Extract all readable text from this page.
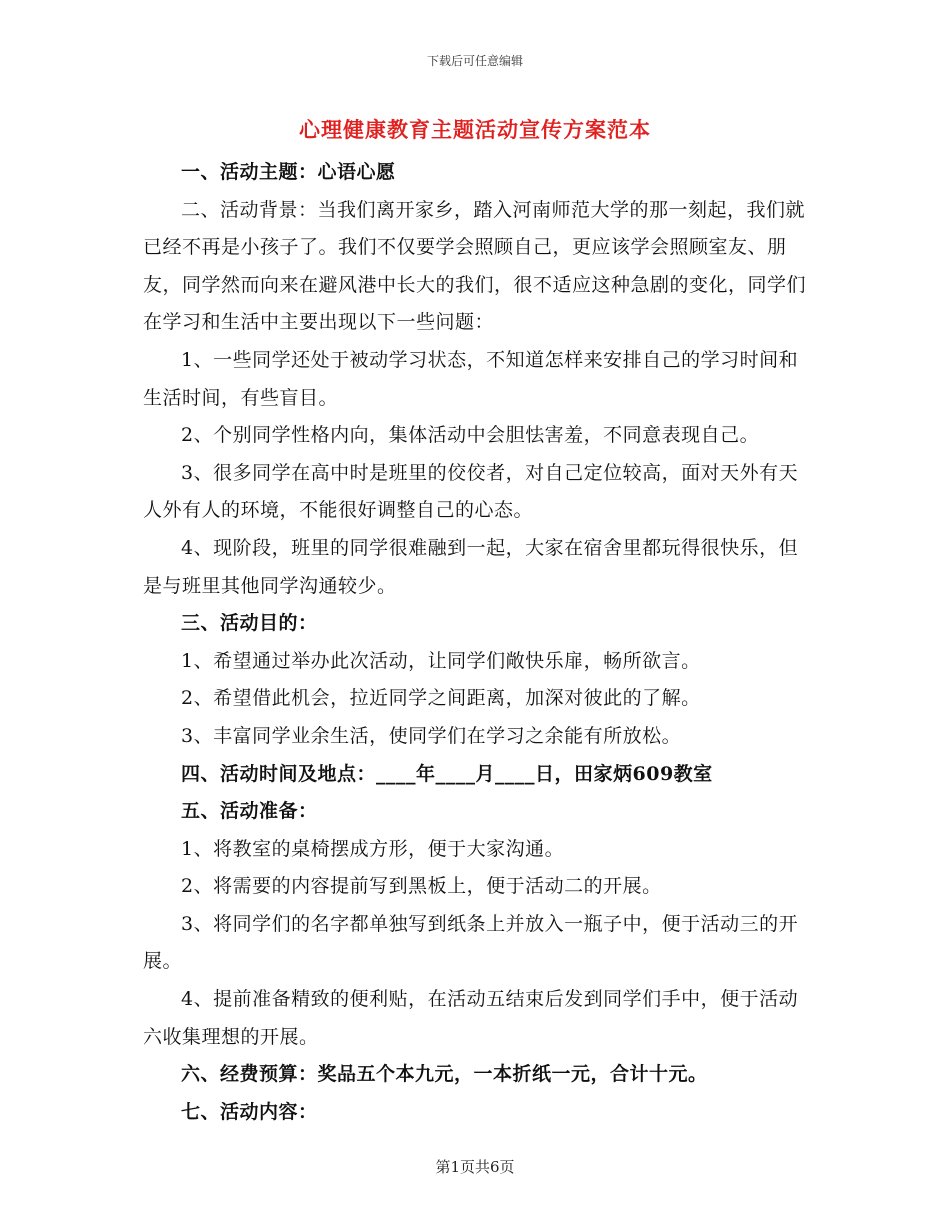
下载后可任意编辑
心理健康教育主题活动宣传方案范本

一、活动主题：心语心愿

二、活动背景：当我们离开家乡，踏入河南师范大学的那一刻起，我们就已经不再是小孩子了。我们不仅要学会照顾自己，更应该学会照顾室友、朋友，同学然而向来在避风港中长大的我们，很不适应这种急剧的变化，同学们在学习和生活中主要出现以下一些问题：

1、一些同学还处于被动学习状态，不知道怎样来安排自己的学习时间和生活时间，有些盲目。

2、个别同学性格内向，集体活动中会胆怯害羞，不同意表现自己。

3、很多同学在高中时是班里的佼佼者，对自己定位较高，面对天外有天人外有人的环境，不能很好调整自己的心态。

4、现阶段，班里的同学很难融到一起，大家在宿舍里都玩得很快乐，但是与班里其他同学沟通较少。

三、活动目的：

1、希望通过举办此次活动，让同学们敞快乐扉，畅所欲言。

2、希望借此机会，拉近同学之间距离，加深对彼此的了解。

3、丰富同学业余生活，使同学们在学习之余能有所放松。

四、活动时间及地点：____年____月____日，田家炳609教室

五、活动准备：

1、将教室的桌椅摆成方形，便于大家沟通。

2、将需要的内容提前写到黑板上，便于活动二的开展。

3、将同学们的名字都单独写到纸条上并放入一瓶子中，便于活动三的开展。

4、提前准备精致的便利贴，在活动五结束后发到同学们手中，便于活动六收集理想的开展。

六、经费预算：奖品五个本九元，一本折纸一元，合计十元。

七、活动内容：

第1页共6页
